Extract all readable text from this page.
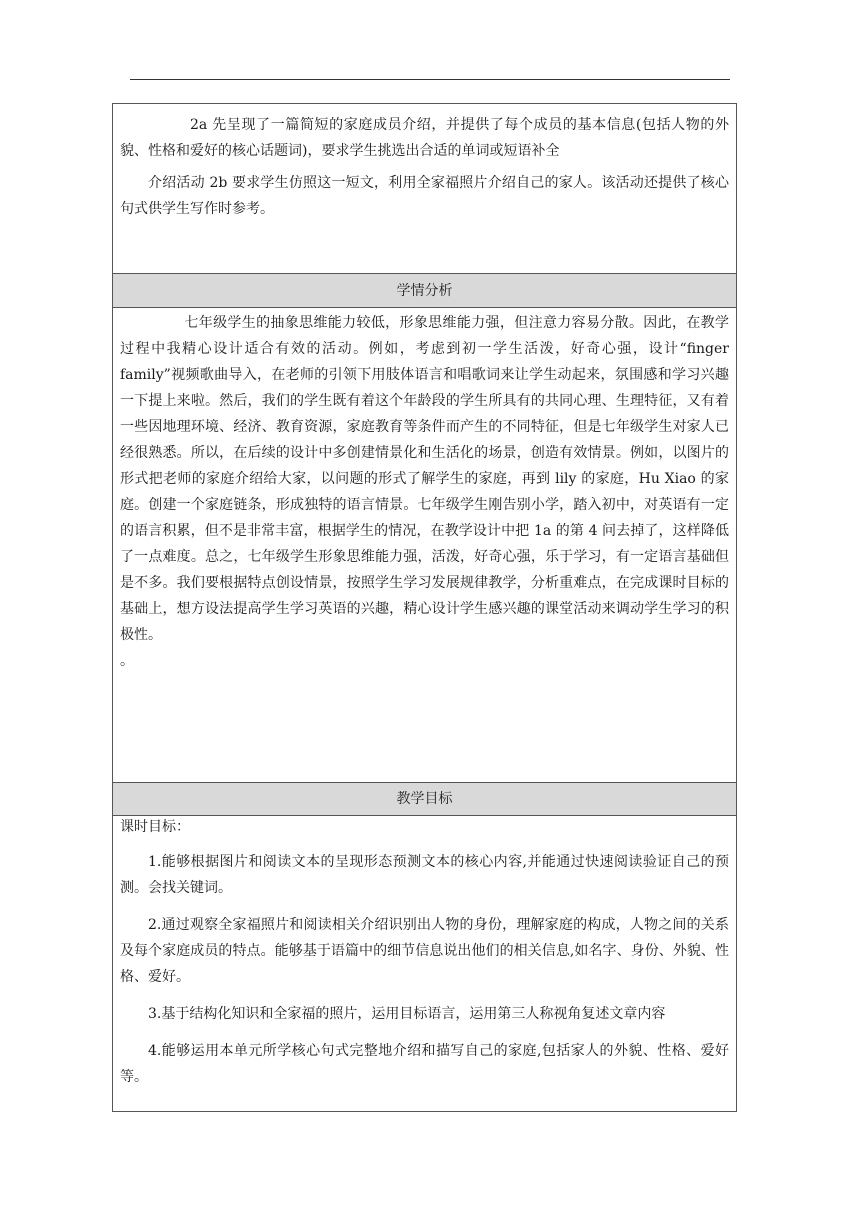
2a 先呈现了一篇简短的家庭成员介绍，并提供了每个成员的基本信息(包括人物的外貌、性格和爱好的核心话题词)，要求学生挑选出合适的单词或短语补全

介绍活动 2b 要求学生仿照这一短文，利用全家福照片介绍自己的家人。该活动还提供了核心句式供学生写作时参考。

学情分析

七年级学生的抽象思维能力较低，形象思维能力强，但注意力容易分散。因此，在教学过程中我精心设计适合有效的活动。例如，考虑到初一学生活泼，好奇心强，设计“finger family”视频歌曲导入，在老师的引领下用肢体语言和唱歌词来让学生动起来，氛围感和学习兴趣一下提上来啦。然后，我们的学生既有着这个年龄段的学生所具有的共同心理、生理特征，又有着一些因地理环境、经济、教育资源，家庭教育等条件而产生的不同特征，但是七年级学生对家人已经很熟悉。所以，在后续的设计中多创建情景化和生活化的场景，创造有效情景。例如，以图片的形式把老师的家庭介绍给大家，以问题的形式了解学生的家庭，再到 lily 的家庭，Hu Xiao 的家庭。创建一个家庭链条，形成独特的语言情景。七年级学生刚告别小学，踏入初中，对英语有一定的语言积累，但不是非常丰富，根据学生的情况，在教学设计中把 1a 的第 4 问去掉了，这样降低了一点难度。总之，七年级学生形象思维能力强，活泼，好奇心强，乐于学习，有一定语言基础但是不多。我们要根据特点创设情景，按照学生学习发展规律教学，分析重难点，在完成课时目标的基础上，想方设法提高学生学习英语的兴趣，精心设计学生感兴趣的课堂活动来调动学生学习的积极性。

。

教学目标

课时目标：

1.能够根据图片和阅读文本的呈现形态预测文本的核心内容,并能通过快速阅读验证自己的预测。会找关键词。

2.通过观察全家福照片和阅读相关介绍识别出人物的身份，理解家庭的构成，人物之间的关系及每个家庭成员的特点。能够基于语篇中的细节信息说出他们的相关信息,如名字、身份、外貌、性格、爱好。

3.基于结构化知识和全家福的照片，运用目标语言，运用第三人称视角复述文章内容

4.能够运用本单元所学核心句式完整地介绍和描写自己的家庭,包括家人的外貌、性格、爱好等。
